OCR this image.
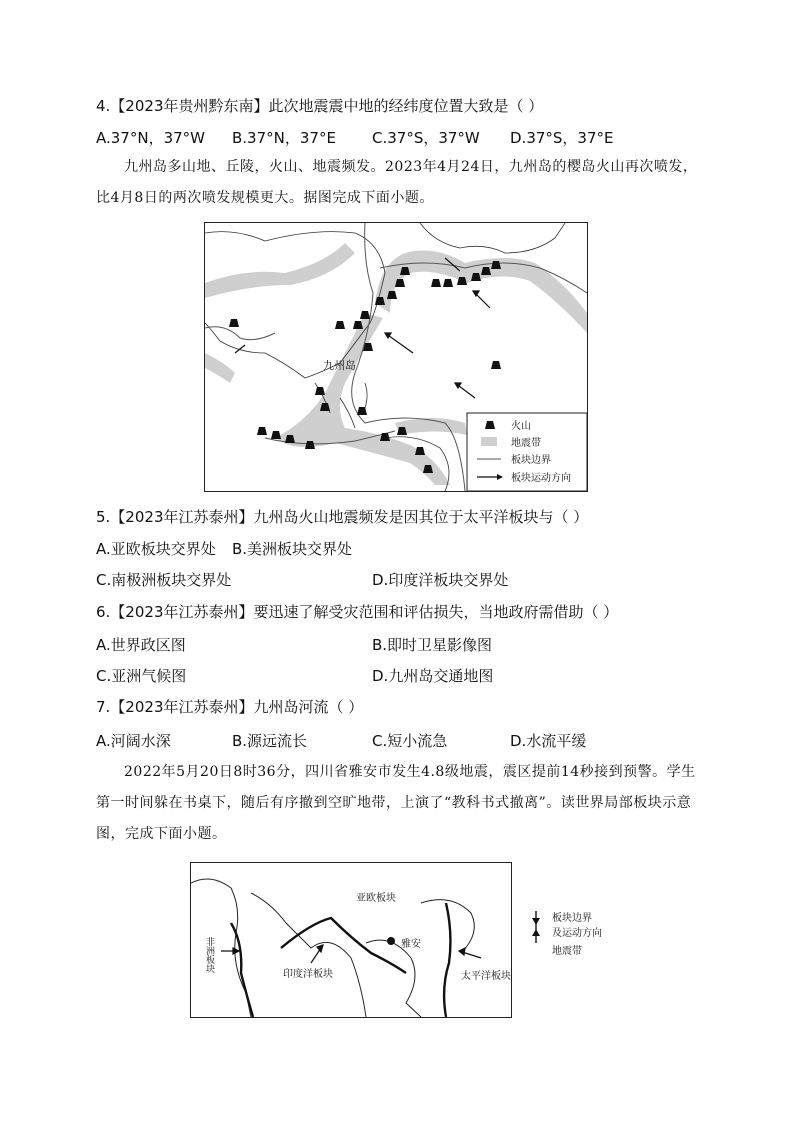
4.【2023年贵州黔东南】此次地震震中地的经纬度位置大致是（ ）
A.37°N，37°W B.37°N，37°E C.37°S，37°W D.37°S，37°E
九州岛多山地、丘陵，火山、地震频发。2023年4月24日，九州岛的樱岛火山再次喷发，比4月8日的两次喷发规模更大。据图完成下面小题。
九州岛
火山
地震带
板块边界
板块运动方向
5.【2023年江苏泰州】九州岛火山地震频发是因其位于太平洋板块与（ ）
A.亚欧板块交界处 B.美洲板块交界处
C.南极洲板块交界处	D.印度洋板块交界处
6.【2023年江苏泰州】要迅速了解受灾范围和评估损失，当地政府需借助（ ）
A.世界政区图	B.即时卫星影像图
C.亚洲气候图	D.九州岛交通地图
7.【2023年江苏泰州】九州岛河流（ ）
A.河阔水深	B.源远流长	C.短小流急	D.水流平缓
2022年5月20日8时36分，四川省雅安市发生4.8级地震，震区提前14秒接到预警。学生第一时间躲在书桌下，随后有序撤到空旷地带，上演了“教科书式撤离”。读世界局部板块示意图，完成下面小题。
亚欧板块
雅安
非洲板块
印度洋板块	太平洋板块
板块边界
及运动方向
地震带
